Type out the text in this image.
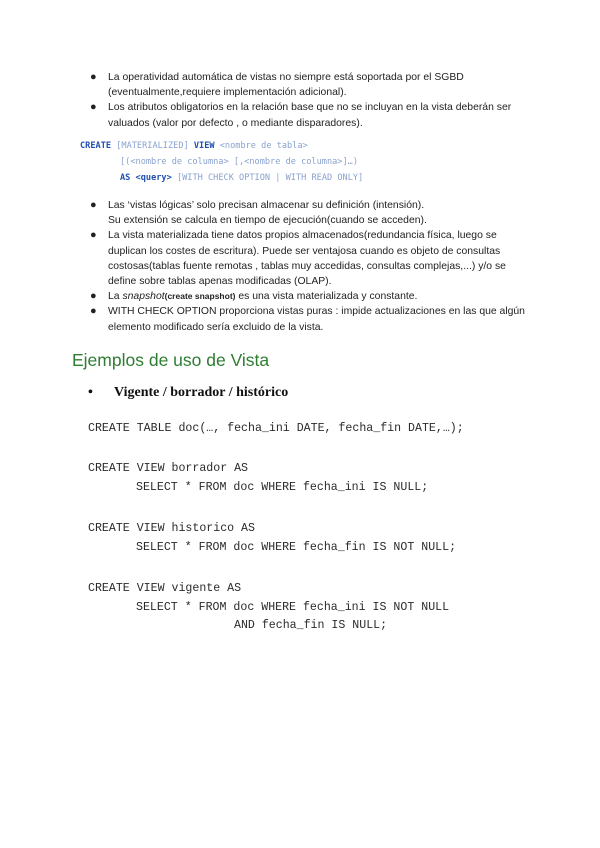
● La operatividad automática de vistas no siempre está soportada por el SGBD (eventualmente,requiere implementación adicional).
● Los atributos obligatorios en la relación base que no se incluyan en la vista deberán ser valuados (valor por defecto , o mediante disparadores).
CREATE [MATERIALIZED] VIEW <nombre de tabla>
[(<nombre de columna> [,<nombre de columna>]…)
AS <query> [WITH CHECK OPTION | WITH READ ONLY]
● Las ‘vistas lógicas’ solo precisan almacenar su definición (intensión).
Su extensión se calcula en tiempo de ejecución(cuando se acceden).
● La vista materializada tiene datos propios almacenados(redundancia física, luego se duplican los costes de escritura). Puede ser ventajosa cuando es objeto de consultas costosas(tablas fuente remotas , tablas muy accedidas, consultas complejas,...) y/o se define sobre tablas apenas modificadas (OLAP).
● La snapshot(create snapshot) es una vista materializada y constante.
● WITH CHECK OPTION proporciona vistas puras : impide actualizaciones en las que algún elemento modificado sería excluido de la vista.
Ejemplos de uso de Vista
• Vigente / borrador / histórico
CREATE TABLE doc(…, fecha_ini DATE, fecha_fin DATE,…);
CREATE VIEW borrador AS
SELECT * FROM doc WHERE fecha_ini IS NULL;
CREATE VIEW historico AS
SELECT * FROM doc WHERE fecha_fin IS NOT NULL;
CREATE VIEW vigente AS
SELECT * FROM doc WHERE fecha_ini IS NOT NULL
AND fecha_fin IS NULL;
